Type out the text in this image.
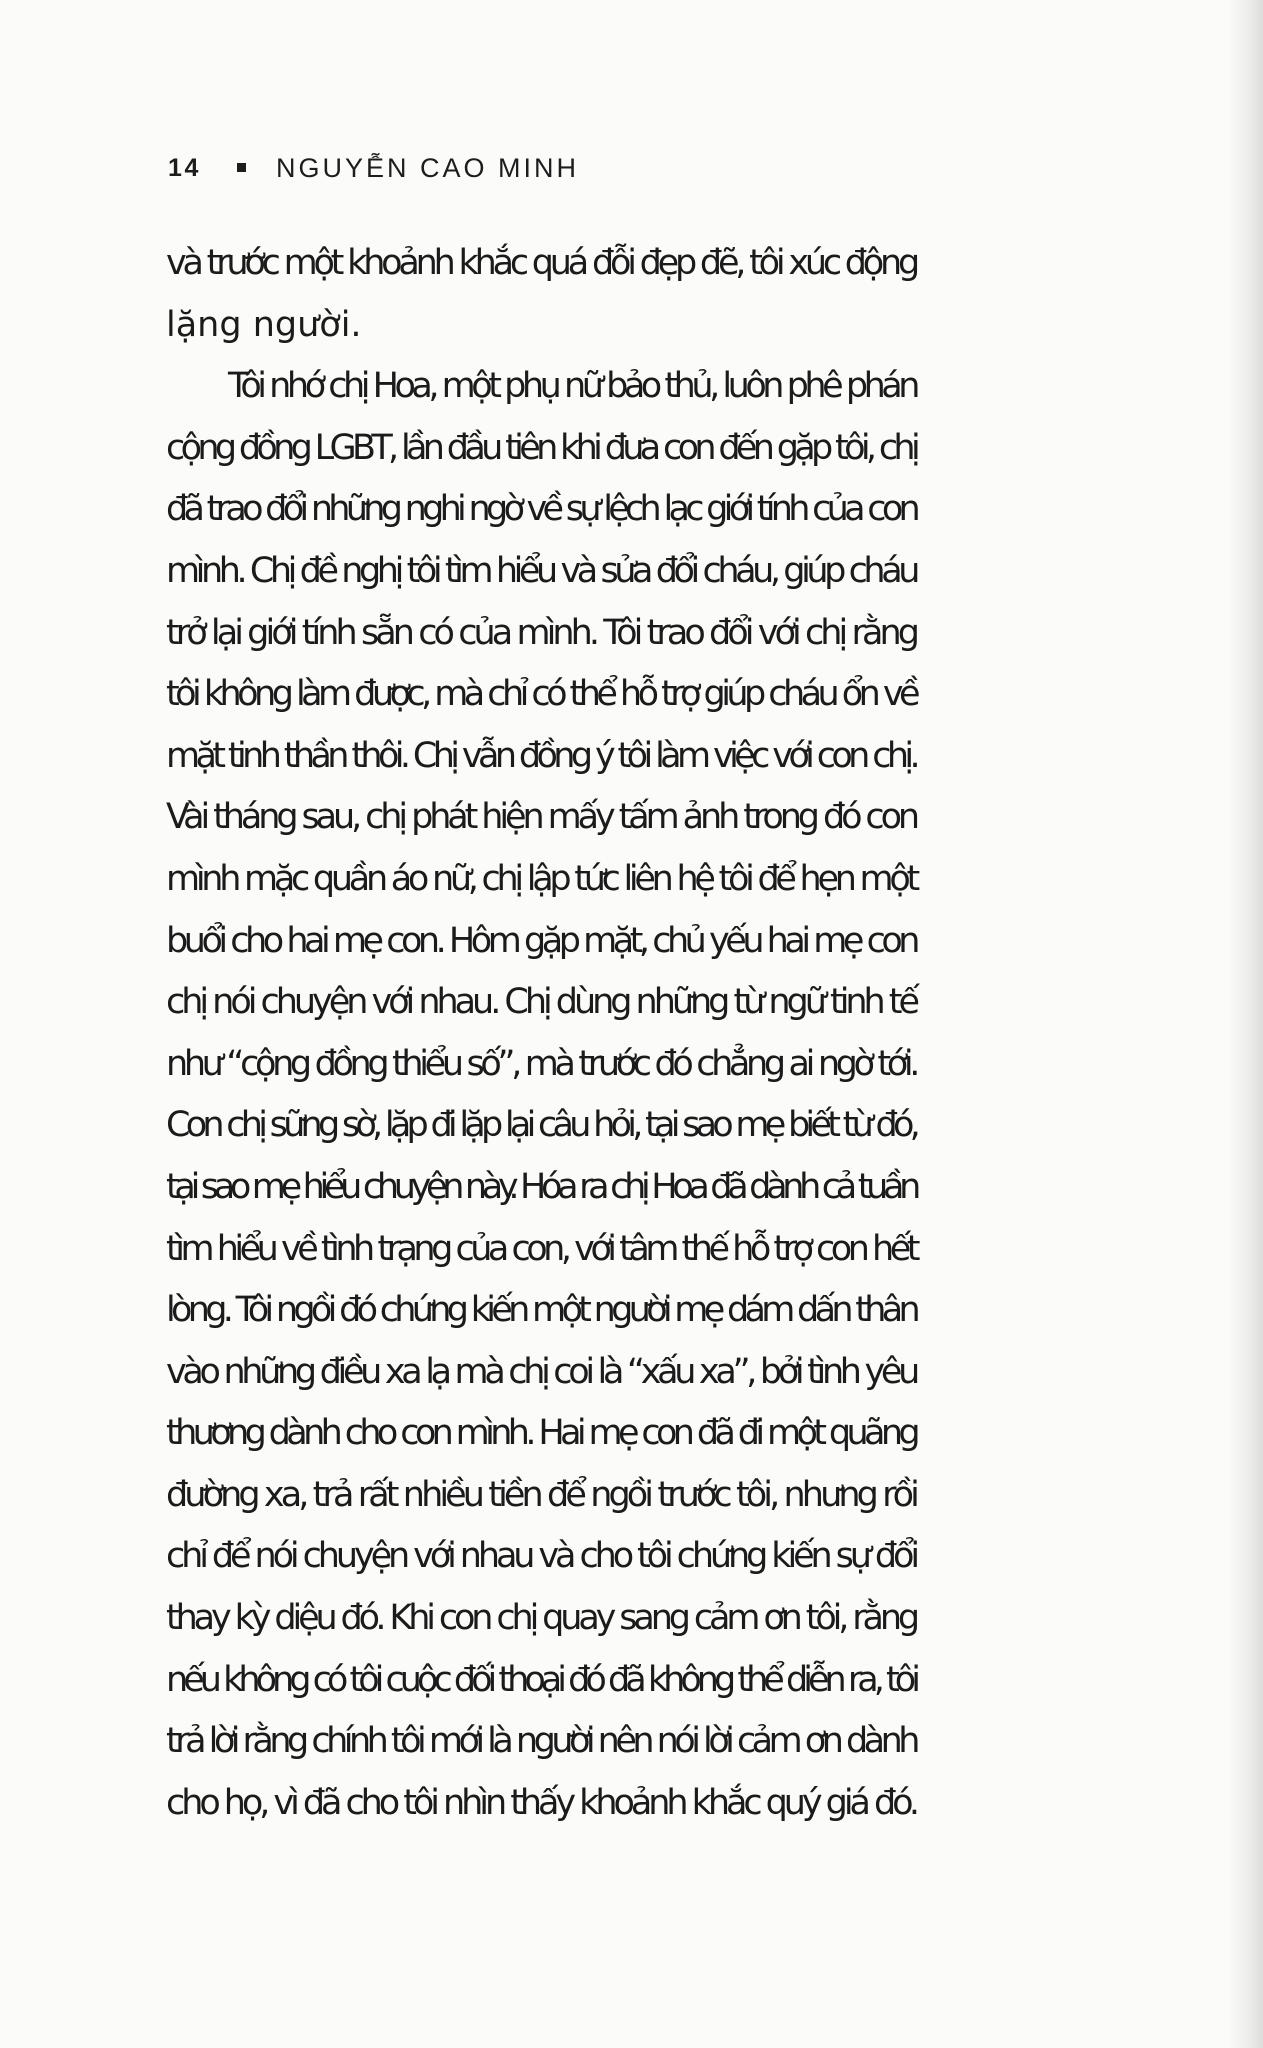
14	NGUYỄN CAO MINH
và trước một khoảnh khắc quá đỗi đẹp đẽ, tôi xúc động
lặng người.
Tôi nhớ chị Hoa, một phụ nữ bảo thủ, luôn phê phán
cộng đồng LGBT, lần đầu tiên khi đưa con đến gặp tôi, chị
đã trao đổi những nghi ngờ về sự lệch lạc giới tính của con
mình. Chị đề nghị tôi tìm hiểu và sửa đổi cháu, giúp cháu
trở lại giới tính sẵn có của mình. Tôi trao đổi với chị rằng
tôi không làm được, mà chỉ có thể hỗ trợ giúp cháu ổn về
mặt tinh thần thôi. Chị vẫn đồng ý tôi làm việc với con chị.
Vài tháng sau, chị phát hiện mấy tấm ảnh trong đó con
mình mặc quần áo nữ, chị lập tức liên hệ tôi để hẹn một
buổi cho hai mẹ con. Hôm gặp mặt, chủ yếu hai mẹ con
chị nói chuyện với nhau. Chị dùng những từ ngữ tinh tế
như “cộng đồng thiểu số”, mà trước đó chẳng ai ngờ tới.
Con chị sững sờ, lặp đi lặp lại câu hỏi, tại sao mẹ biết từ đó,
tại sao mẹ hiểu chuyện này. Hóa ra chị Hoa đã dành cả tuần
tìm hiểu về tình trạng của con, với tâm thế hỗ trợ con hết
lòng. Tôi ngồi đó chứng kiến một người mẹ dám dấn thân
vào những điều xa lạ mà chị coi là “xấu xa”, bởi tình yêu
thương dành cho con mình. Hai mẹ con đã đi một quãng
đường xa, trả rất nhiều tiền để ngồi trước tôi, nhưng rồi
chỉ để nói chuyện với nhau và cho tôi chứng kiến sự đổi
thay kỳ diệu đó. Khi con chị quay sang cảm ơn tôi, rằng
nếu không có tôi cuộc đối thoại đó đã không thể diễn ra, tôi
trả lời rằng chính tôi mới là người nên nói lời cảm ơn dành
cho họ, vì đã cho tôi nhìn thấy khoảnh khắc quý giá đó.
